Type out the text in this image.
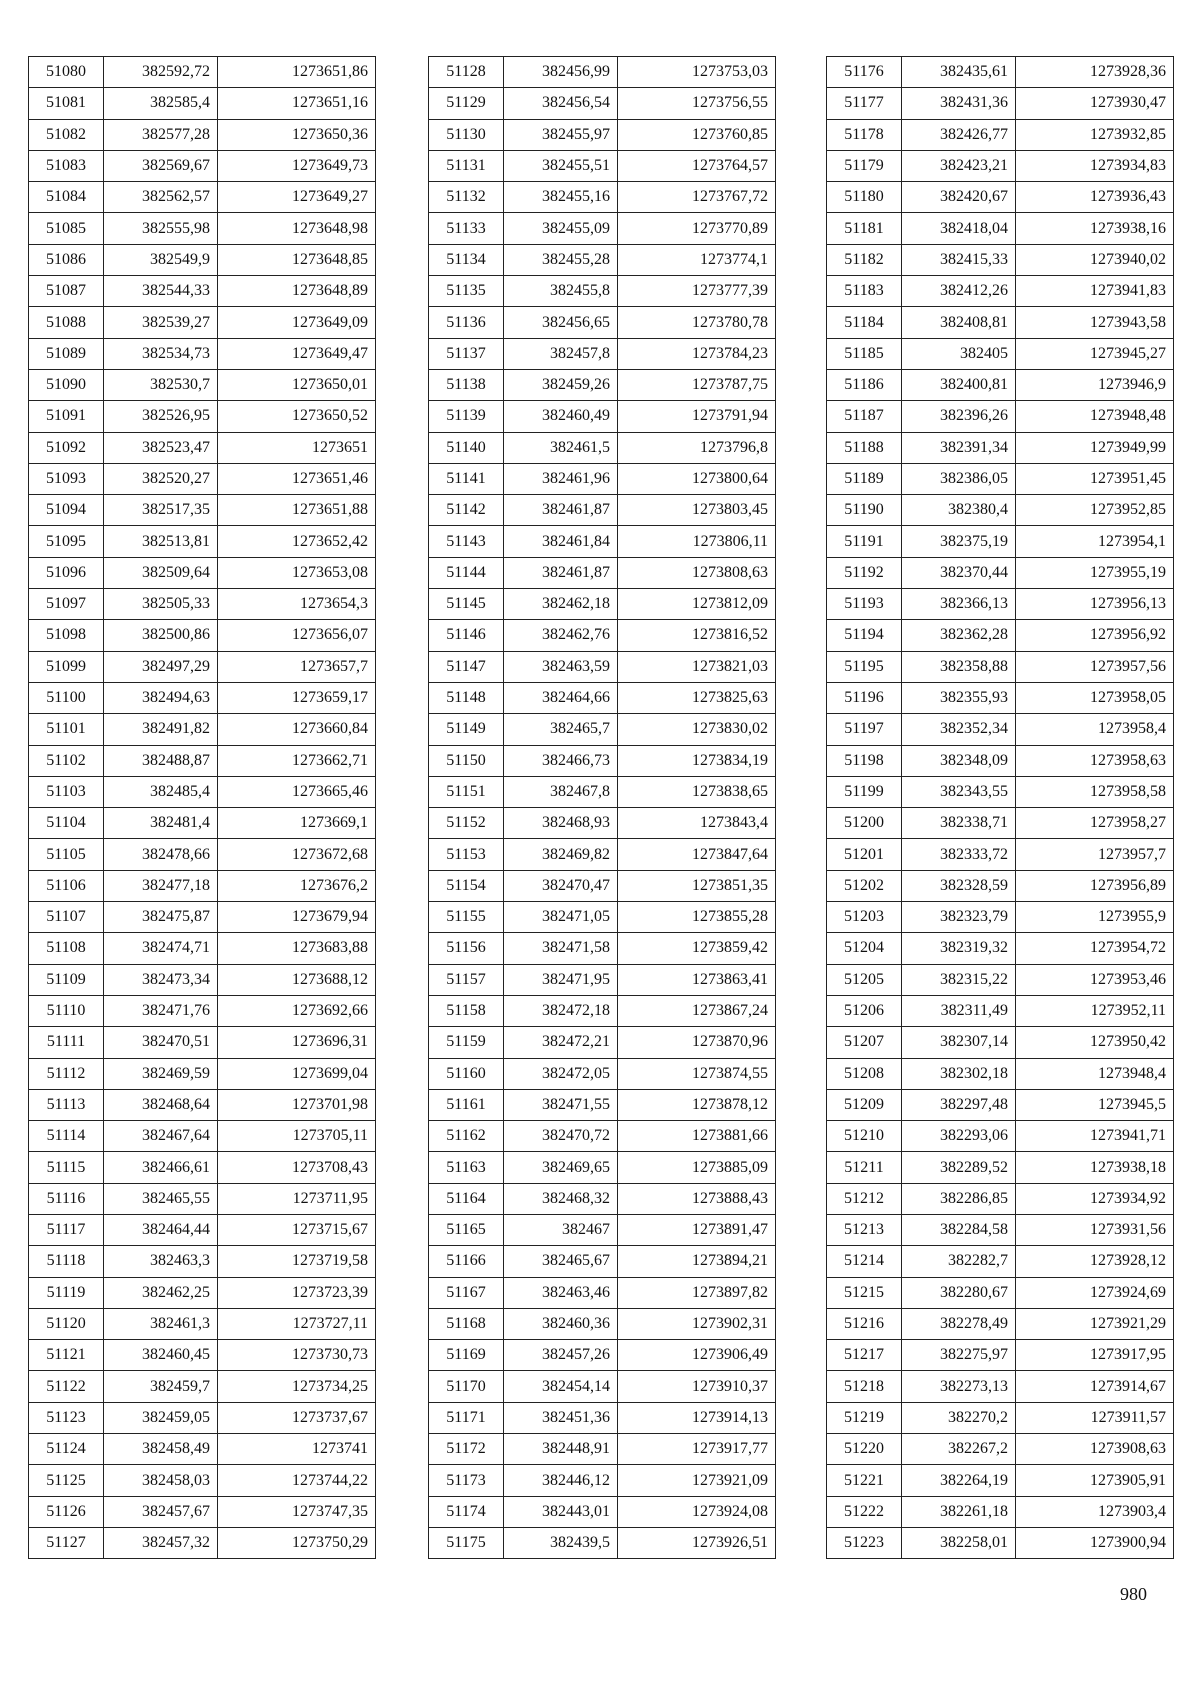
51080	382592,72	1273651,86
51081	382585,4	1273651,16
51082	382577,28	1273650,36
51083	382569,67	1273649,73
51084	382562,57	1273649,27
51085	382555,98	1273648,98
51086	382549,9	1273648,85
51087	382544,33	1273648,89
51088	382539,27	1273649,09
51089	382534,73	1273649,47
51090	382530,7	1273650,01
51091	382526,95	1273650,52
51092	382523,47	1273651
51093	382520,27	1273651,46
51094	382517,35	1273651,88
51095	382513,81	1273652,42
51096	382509,64	1273653,08
51097	382505,33	1273654,3
51098	382500,86	1273656,07
51099	382497,29	1273657,7
51100	382494,63	1273659,17
51101	382491,82	1273660,84
51102	382488,87	1273662,71
51103	382485,4	1273665,46
51104	382481,4	1273669,1
51105	382478,66	1273672,68
51106	382477,18	1273676,2
51107	382475,87	1273679,94
51108	382474,71	1273683,88
51109	382473,34	1273688,12
51110	382471,76	1273692,66
51111	382470,51	1273696,31
51112	382469,59	1273699,04
51113	382468,64	1273701,98
51114	382467,64	1273705,11
51115	382466,61	1273708,43
51116	382465,55	1273711,95
51117	382464,44	1273715,67
51118	382463,3	1273719,58
51119	382462,25	1273723,39
51120	382461,3	1273727,11
51121	382460,45	1273730,73
51122	382459,7	1273734,25
51123	382459,05	1273737,67
51124	382458,49	1273741
51125	382458,03	1273744,22
51126	382457,67	1273747,35
51127	382457,32	1273750,29
51128	382456,99	1273753,03
51129	382456,54	1273756,55
51130	382455,97	1273760,85
51131	382455,51	1273764,57
51132	382455,16	1273767,72
51133	382455,09	1273770,89
51134	382455,28	1273774,1
51135	382455,8	1273777,39
51136	382456,65	1273780,78
51137	382457,8	1273784,23
51138	382459,26	1273787,75
51139	382460,49	1273791,94
51140	382461,5	1273796,8
51141	382461,96	1273800,64
51142	382461,87	1273803,45
51143	382461,84	1273806,11
51144	382461,87	1273808,63
51145	382462,18	1273812,09
51146	382462,76	1273816,52
51147	382463,59	1273821,03
51148	382464,66	1273825,63
51149	382465,7	1273830,02
51150	382466,73	1273834,19
51151	382467,8	1273838,65
51152	382468,93	1273843,4
51153	382469,82	1273847,64
51154	382470,47	1273851,35
51155	382471,05	1273855,28
51156	382471,58	1273859,42
51157	382471,95	1273863,41
51158	382472,18	1273867,24
51159	382472,21	1273870,96
51160	382472,05	1273874,55
51161	382471,55	1273878,12
51162	382470,72	1273881,66
51163	382469,65	1273885,09
51164	382468,32	1273888,43
51165	382467	1273891,47
51166	382465,67	1273894,21
51167	382463,46	1273897,82
51168	382460,36	1273902,31
51169	382457,26	1273906,49
51170	382454,14	1273910,37
51171	382451,36	1273914,13
51172	382448,91	1273917,77
51173	382446,12	1273921,09
51174	382443,01	1273924,08
51175	382439,5	1273926,51
51176	382435,61	1273928,36
51177	382431,36	1273930,47
51178	382426,77	1273932,85
51179	382423,21	1273934,83
51180	382420,67	1273936,43
51181	382418,04	1273938,16
51182	382415,33	1273940,02
51183	382412,26	1273941,83
51184	382408,81	1273943,58
51185	382405	1273945,27
51186	382400,81	1273946,9
51187	382396,26	1273948,48
51188	382391,34	1273949,99
51189	382386,05	1273951,45
51190	382380,4	1273952,85
51191	382375,19	1273954,1
51192	382370,44	1273955,19
51193	382366,13	1273956,13
51194	382362,28	1273956,92
51195	382358,88	1273957,56
51196	382355,93	1273958,05
51197	382352,34	1273958,4
51198	382348,09	1273958,63
51199	382343,55	1273958,58
51200	382338,71	1273958,27
51201	382333,72	1273957,7
51202	382328,59	1273956,89
51203	382323,79	1273955,9
51204	382319,32	1273954,72
51205	382315,22	1273953,46
51206	382311,49	1273952,11
51207	382307,14	1273950,42
51208	382302,18	1273948,4
51209	382297,48	1273945,5
51210	382293,06	1273941,71
51211	382289,52	1273938,18
51212	382286,85	1273934,92
51213	382284,58	1273931,56
51214	382282,7	1273928,12
51215	382280,67	1273924,69
51216	382278,49	1273921,29
51217	382275,97	1273917,95
51218	382273,13	1273914,67
51219	382270,2	1273911,57
51220	382267,2	1273908,63
51221	382264,19	1273905,91
51222	382261,18	1273903,4
51223	382258,01	1273900,94
980
